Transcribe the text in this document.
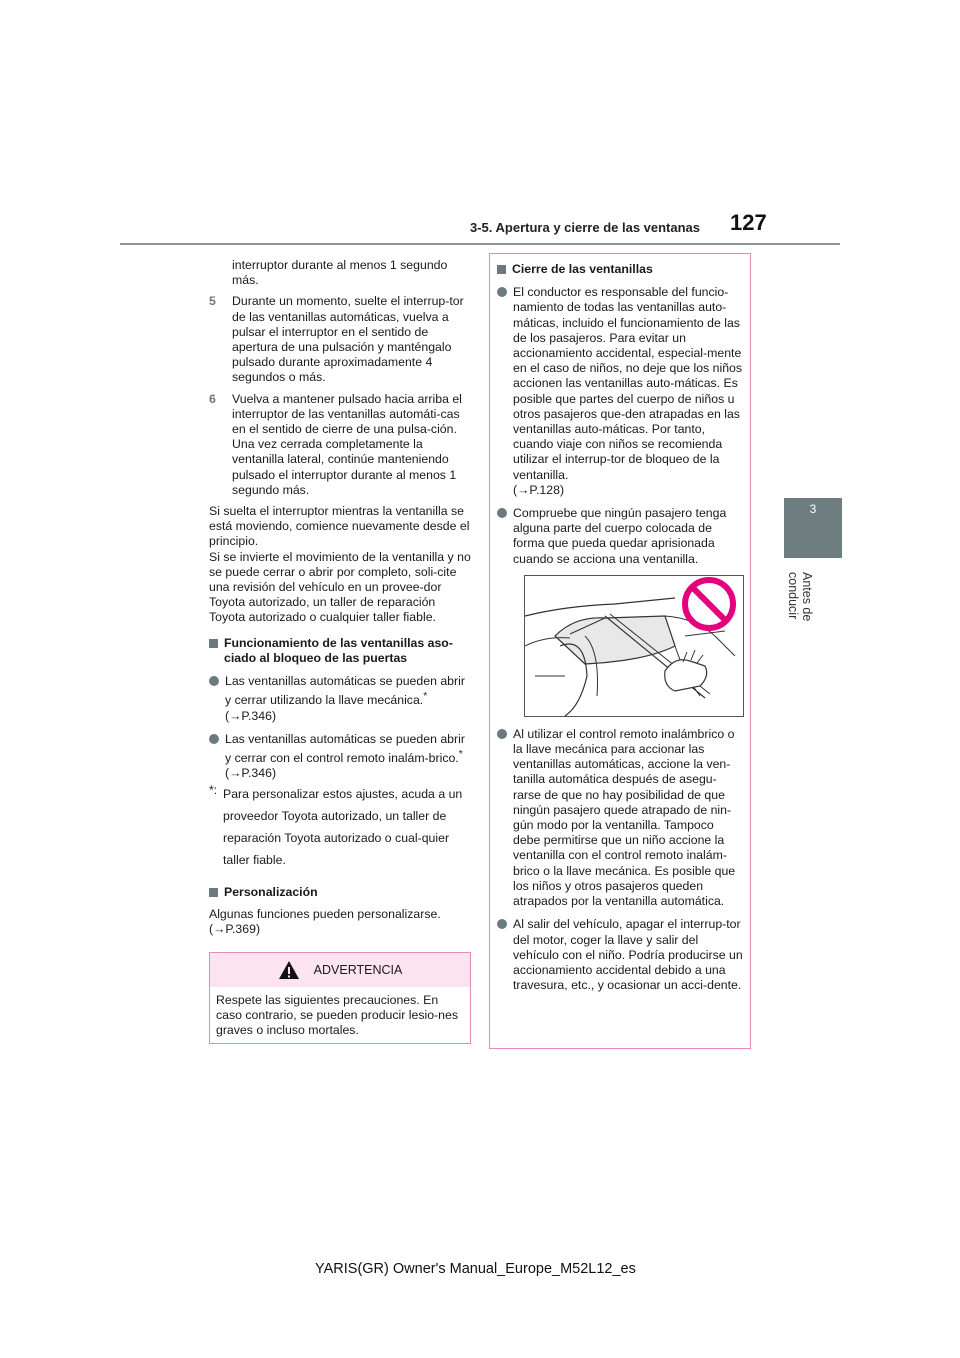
3-5. Apertura y cierre de las ventanas 127
3
Antes de conducir

interruptor durante al menos 1 segundo más.

5	Durante un momento, suelte el interrup-tor de las ventanillas automáticas, vuelva a pulsar el interruptor en el sentido de apertura de una pulsación y manténgalo pulsado durante aproximadamente 4 segundos o más.
6	Vuelva a mantener pulsado hacia arriba el interruptor de las ventanillas automáti-cas en el sentido de cierre de una pulsa-ción. Una vez cerrada completamente la ventanilla lateral, continúe manteniendo pulsado el interruptor durante al menos 1 segundo más.

Si suelta el interruptor mientras la ventanilla se está moviendo, comience nuevamente desde el principio.

Si se invierte el movimiento de la ventanilla y no se puede cerrar o abrir por completo, soli-cite una revisión del vehículo en un provee-dor Toyota autorizado, un taller de reparación Toyota autorizado o cualquier taller fiable.

Funcionamiento de las ventanillas aso-ciado al bloqueo de las puertas
Las ventanillas automáticas se pueden abrir y cerrar utilizando la llave mecánica.*
(→P.346)
Las ventanillas automáticas se pueden abrir y cerrar con el control remoto inalám-brico.* (→P.346)
*: Para personalizar estos ajustes, acuda a un proveedor Toyota autorizado, un taller de reparación Toyota autorizado o cual-quier taller fiable.
Personalización

Algunas funciones pueden personalizarse.

(→P.369)

ADVERTENCIA
Respete las siguientes precauciones. En caso contrario, se pueden producir lesio-nes graves o incluso mortales.
Cierre de las ventanillas
El conductor es responsable del funcio-namiento de todas las ventanillas auto-máticas, incluido el funcionamiento de las de los pasajeros. Para evitar un accionamiento accidental, especial-mente en el caso de niños, no deje que los niños accionen las ventanillas auto-máticas. Es posible que partes del cuerpo de niños u otros pasajeros que-den atrapadas en las ventanillas auto-máticas. Por tanto, cuando viaje con niños se recomienda utilizar el interrup-tor de bloqueo de la ventanilla.
(→P.128)
Compruebe que ningún pasajero tenga alguna parte del cuerpo colocada de forma que pueda quedar aprisionada cuando se acciona una ventanilla.
Al utilizar el control remoto inalámbrico o la llave mecánica para accionar las ventanillas automáticas, accione la ven-tanilla automática después de asegu-rarse de que no hay posibilidad de que ningún pasajero quede atrapado de nin-gún modo por la ventanilla. Tampoco debe permitirse que un niño accione la ventanilla con el control remoto inalám-brico o la llave mecánica. Es posible que los niños y otros pasajeros queden atrapados por la ventanilla automática.
Al salir del vehículo, apagar el interrup-tor del motor, coger la llave y salir del vehículo con el niño. Podría producirse un accionamiento accidental debido a una travesura, etc., y ocasionar un acci-dente.
YARIS(GR) Owner's Manual_Europe_M52L12_es
